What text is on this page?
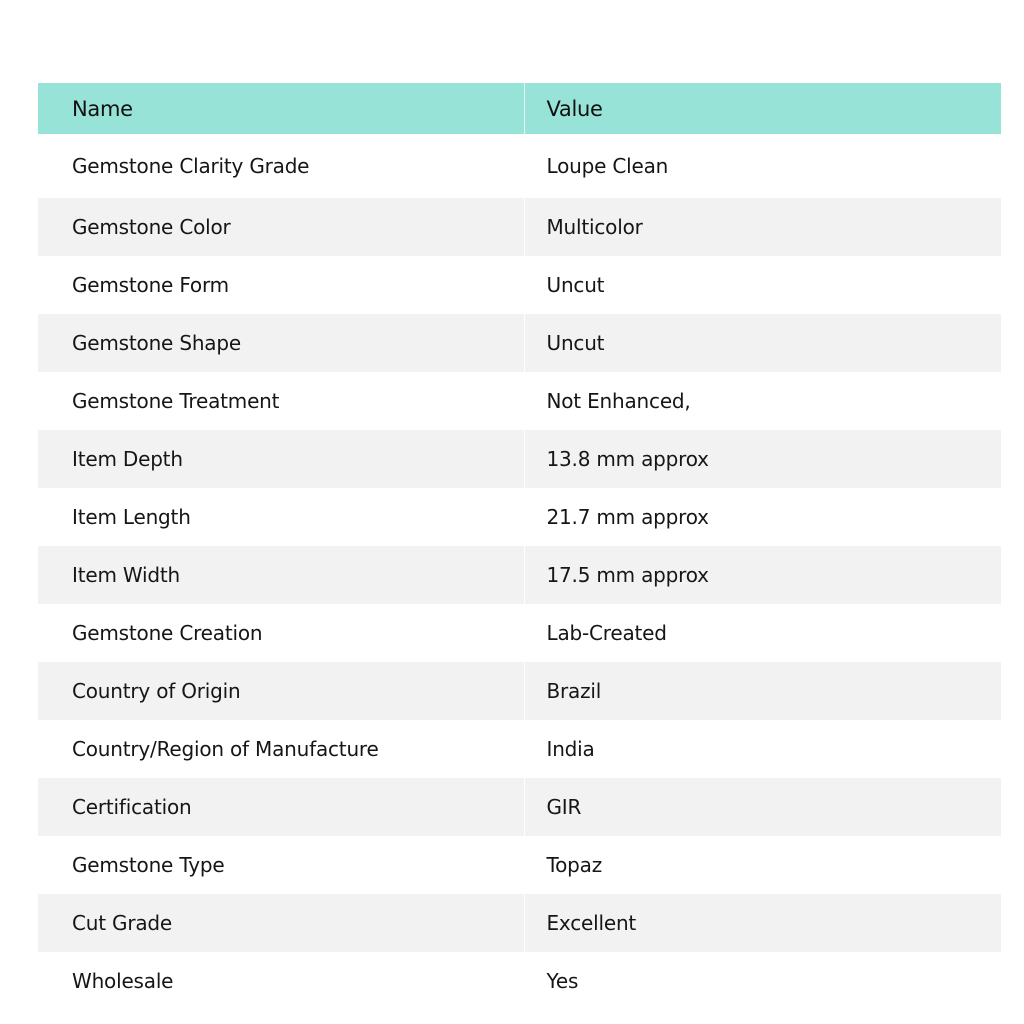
Name	Value
Gemstone Clarity Grade	Loupe Clean
Gemstone Color	Multicolor
Gemstone Form	Uncut
Gemstone Shape	Uncut
Gemstone Treatment	Not Enhanced,
Item Depth	13.8 mm approx
Item Length	21.7 mm approx
Item Width	17.5 mm approx
Gemstone Creation	Lab-Created
Country of Origin	Brazil
Country/Region of Manufacture	India
Certification	GIR
Gemstone Type	Topaz
Cut Grade	Excellent
Wholesale	Yes
